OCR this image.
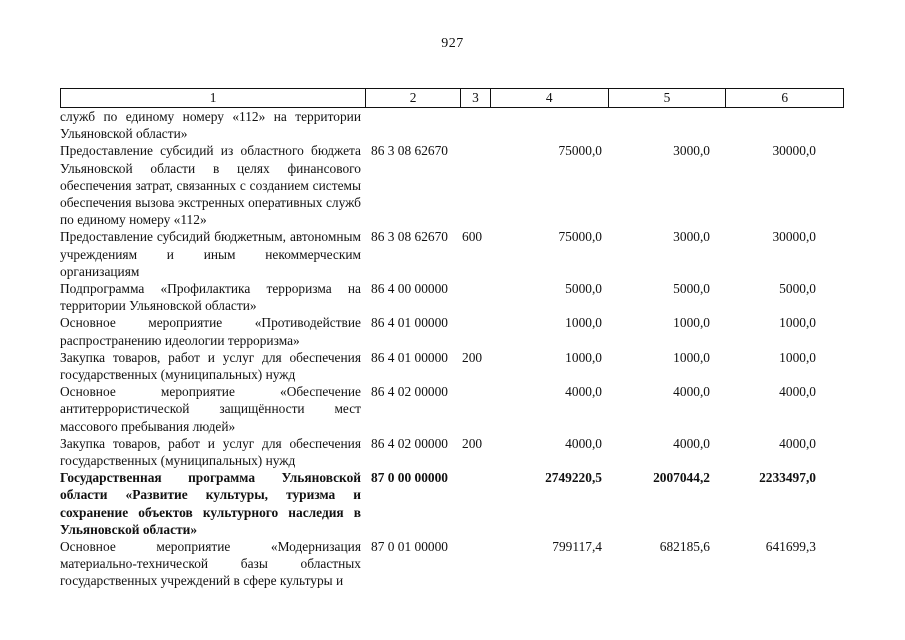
927
1	2	3	4	5	6
служб по единому номеру «112» на территории Ульяновской области»
Предоставление субсидий из областного бюджета Ульяновской области в целях финансового обеспечения затрат, связанных с созданием системы обеспечения вызова экстренных оперативных служб по единому номеру «112»
86 3 08 62670	75000,0	3000,0	30000,0
Предоставление субсидий бюджетным, автономным учреждениям и иным некоммерческим организациям
86 3 08 62670	600	75000,0	3000,0	30000,0
Подпрограмма «Профилактика терроризма на территории Ульяновской области»
86 4 00 00000	5000,0	5000,0	5000,0
Основное мероприятие «Противодействие распространению идеологии терроризма»
86 4 01 00000	1000,0	1000,0	1000,0
Закупка товаров, работ и услуг для обеспечения государственных (муниципальных) нужд
86 4 01 00000	200	1000,0	1000,0	1000,0
Основное мероприятие «Обеспечение антитеррористической защищённости мест массового пребывания людей»
86 4 02 00000	4000,0	4000,0	4000,0
Закупка товаров, работ и услуг для обеспечения государственных (муниципальных) нужд
86 4 02 00000	200	4000,0	4000,0	4000,0
Государственная программа Ульяновской области «Развитие культуры, туризма и сохранение объектов культурного наследия в Ульяновской области»
87 0 00 00000	2749220,5	2007044,2	2233497,0
Основное мероприятие «Модернизация материально-технической базы областных государственных учреждений в сфере культуры и
87 0 01 00000	799117,4	682185,6	641699,3
